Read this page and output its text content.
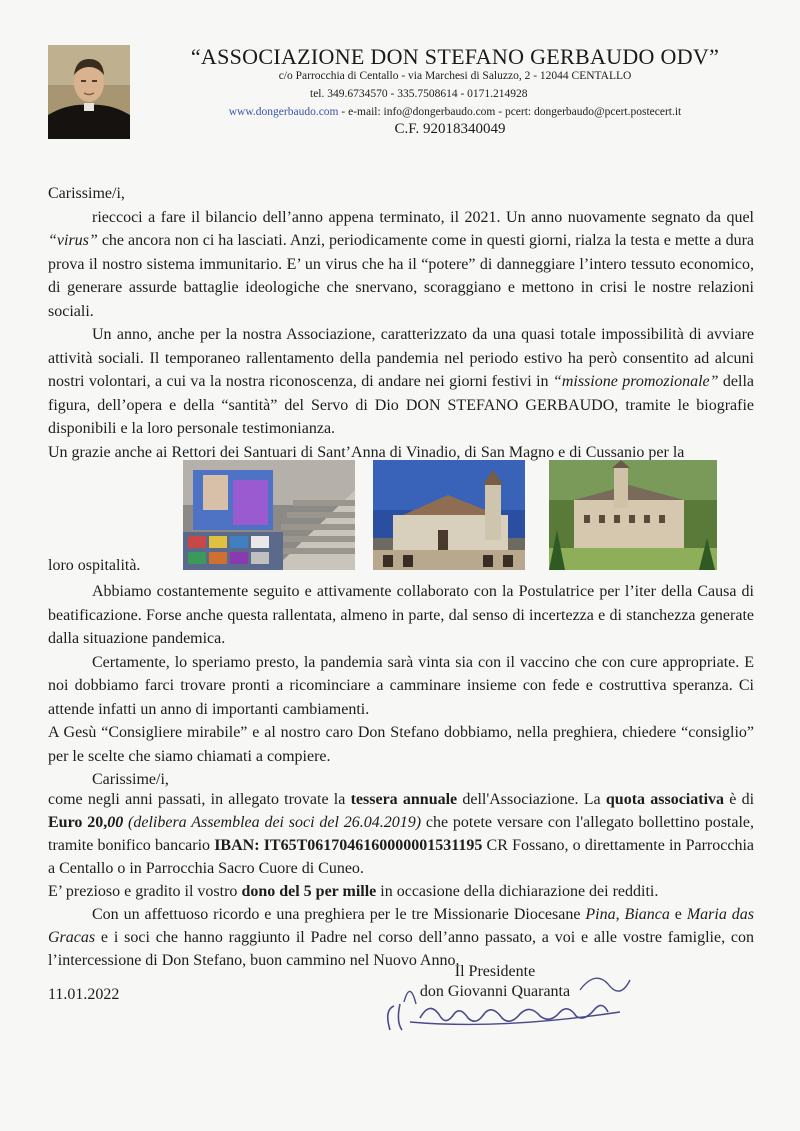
“ASSOCIAZIONE DON STEFANO GERBAUDO ODV”
c/o Parrocchia di Centallo - via Marchesi di Saluzzo, 2 - 12044 CENTALLO
tel. 349.6734570 - 335.7508614 - 0171.214928
www.dongerbaudo.com - e-mail: info@dongerbaudo.com - pcert: dongerbaudo@pcert.postecert.it
C.F. 92018340049

Carissime/i,

rieccoci a fare il bilancio dell’anno appena terminato, il 2021. Un anno nuovamente segnato da quel “virus” che ancora non ci ha lasciati. Anzi, periodicamente come in questi giorni, rialza la testa e mette a dura prova il nostro sistema immunitario. E’ un virus che ha il “potere” di danneggiare l’intero tessuto economico, di generare assurde battaglie ideologiche che snervano, scoraggiano e mettono in crisi le nostre relazioni sociali.

Un anno, anche per la nostra Associazione, caratterizzato da una quasi totale impossibilità di avviare attività sociali. Il temporaneo rallentamento della pandemia nel periodo estivo ha però consentito ad alcuni nostri volontari, a cui va la nostra riconoscenza, di andare nei giorni festivi in “missione promozionale” della figura, dell’opera e della “santità” del Servo di Dio DON STEFANO GERBAUDO, tramite le biografie disponibili e la loro personale testimonianza.

Un grazie anche ai Rettori dei Santuari di Sant’Anna di Vinadio, di San Magno e di Cussanio per la

loro ospitalità.

Abbiamo costantemente seguito e attivamente collaborato con la Postulatrice per l’iter della Causa di beatificazione. Forse anche questa rallentata, almeno in parte, dal senso di incertezza e di stanchezza generate dalla situazione pandemica.

Certamente, lo speriamo presto, la pandemia sarà vinta sia con il vaccino che con cure appropriate. E noi dobbiamo farci trovare pronti a ricominciare a camminare insieme con fede e costruttiva speranza. Ci attende infatti un anno di importanti cambiamenti.

A Gesù “Consigliere mirabile” e al nostro caro Don Stefano dobbiamo, nella preghiera, chiedere “consiglio” per le scelte che siamo chiamati a compiere.

Carissime/i,

come negli anni passati, in allegato trovate la tessera annuale dell'Associazione. La quota associativa è di Euro 20,00 (delibera Assemblea dei soci del 26.04.2019) che potete versare con l'allegato bollettino postale, tramite bonifico bancario IBAN: IT65T0617046160000001531195 CR Fossano, o direttamente in Parrocchia a Centallo o in Parrocchia Sacro Cuore di Cuneo.

E’ prezioso e gradito il vostro dono del 5 per mille in occasione della dichiarazione dei redditi.

Con un affettuoso ricordo e una preghiera per le tre Missionarie Diocesane Pina, Bianca e Maria das Gracas e i soci che hanno raggiunto il Padre nel corso dell’anno passato, a voi e alle vostre famiglie, con l’intercessione di Don Stefano, buon cammino nel Nuovo Anno.

11.01.2022
Il Presidente
don Giovanni Quaranta
